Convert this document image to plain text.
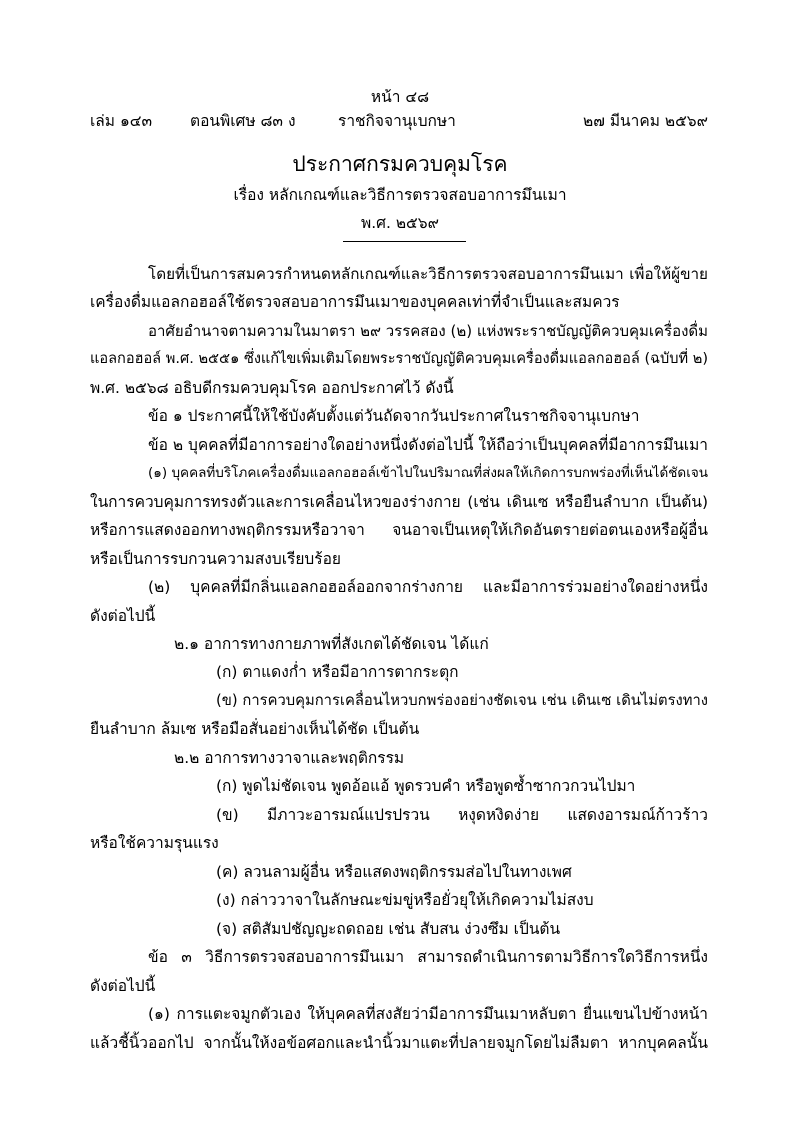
หน้า ๔๘
เล่ม ๑๔๓ ตอนพิเศษ ๘๓ ง	ราชกิจจานุเบกษา	๒๗ มีนาคม ๒๕๖๙
ประกาศกรมควบคุมโรค
เรื่อง หลักเกณฑ์และวิธีการตรวจสอบอาการมึนเมา
พ.ศ. ๒๕๖๙
โดยที่เป็นการสมควรกำหนดหลักเกณฑ์และวิธีการตรวจสอบอาการมึนเมา เพื่อให้ผู้ขาย
เครื่องดื่มแอลกอฮอล์ใช้ตรวจสอบอาการมึนเมาของบุคคลเท่าที่จำเป็นและสมควร
อาศัยอำนาจตามความในมาตรา ๒๙ วรรคสอง (๒) แห่งพระราชบัญญัติควบคุมเครื่องดื่ม
แอลกอฮอล์ พ.ศ. ๒๕๕๑ ซึ่งแก้ไขเพิ่มเติมโดยพระราชบัญญัติควบคุมเครื่องดื่มแอลกอฮอล์ (ฉบับที่ ๒)
พ.ศ. ๒๕๖๘ อธิบดีกรมควบคุมโรค ออกประกาศไว้ ดังนี้
ข้อ ๑ ประกาศนี้ให้ใช้บังคับตั้งแต่วันถัดจากวันประกาศในราชกิจจานุเบกษา
ข้อ ๒ บุคคลที่มีอาการอย่างใดอย่างหนึ่งดังต่อไปนี้ ให้ถือว่าเป็นบุคคลที่มีอาการมึนเมา
(๑) บุคคลที่บริโภคเครื่องดื่มแอลกอฮอล์เข้าไปในปริมาณที่ส่งผลให้เกิดการบกพร่องที่เห็นได้ชัดเจน
ในการควบคุมการทรงตัวและการเคลื่อนไหวของร่างกาย (เช่น เดินเซ หรือยืนลำบาก เป็นต้น)
หรือการแสดงออกทางพฤติกรรมหรือวาจา จนอาจเป็นเหตุให้เกิดอันตรายต่อตนเองหรือผู้อื่น
หรือเป็นการรบกวนความสงบเรียบร้อย
(๒) บุคคลที่มีกลิ่นแอลกอฮอล์ออกจากร่างกาย และมีอาการร่วมอย่างใดอย่างหนึ่ง
ดังต่อไปนี้
๒.๑ อาการทางกายภาพที่สังเกตได้ชัดเจน ได้แก่
(ก) ตาแดงก่ำ หรือมีอาการตากระตุก
(ข) การควบคุมการเคลื่อนไหวบกพร่องอย่างชัดเจน เช่น เดินเซ เดินไม่ตรงทาง
ยืนลำบาก ล้มเซ หรือมือสั่นอย่างเห็นได้ชัด เป็นต้น
๒.๒ อาการทางวาจาและพฤติกรรม
(ก) พูดไม่ชัดเจน พูดอ้อแอ้ พูดรวบคำ หรือพูดซ้ำซากวกวนไปมา
(ข) มีภาวะอารมณ์แปรปรวน หงุดหงิดง่าย แสดงอารมณ์ก้าวร้าว
หรือใช้ความรุนแรง
(ค) ลวนลามผู้อื่น หรือแสดงพฤติกรรมส่อไปในทางเพศ
(ง) กล่าววาจาในลักษณะข่มขู่หรือยั่วยุให้เกิดความไม่สงบ
(จ) สติสัมปชัญญะถดถอย เช่น สับสน ง่วงซึม เป็นต้น
ข้อ ๓ วิธีการตรวจสอบอาการมึนเมา สามารถดำเนินการตามวิธีการใดวิธีการหนึ่ง
ดังต่อไปนี้
(๑) การแตะจมูกตัวเอง ให้บุคคลที่สงสัยว่ามีอาการมึนเมาหลับตา ยื่นแขนไปข้างหน้า
แล้วชี้นิ้วออกไป จากนั้นให้งอข้อศอกและนำนิ้วมาแตะที่ปลายจมูกโดยไม่ลืมตา หากบุคคลนั้น
